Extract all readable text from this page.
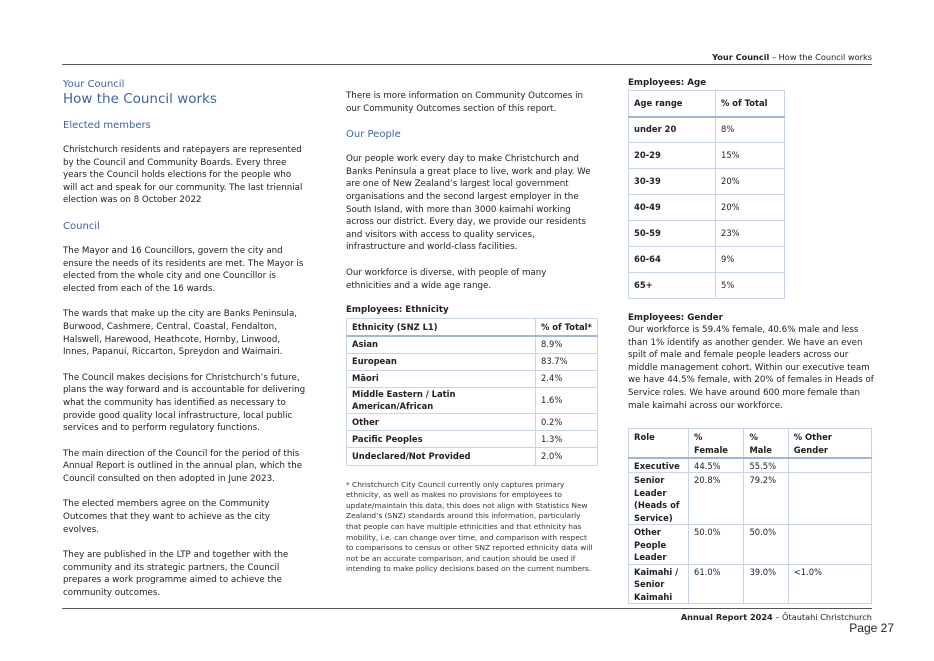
Your Council – How the Council works
Your Council
How the Council works
Elected members
Christchurch residents and ratepayers are represented by the Council and Community Boards. Every three years the Council holds elections for the people who will act and speak for our community. The last triennial election was on 8 October 2022
Council
The Mayor and 16 Councillors, govern the city and ensure the needs of its residents are met. The Mayor is elected from the whole city and one Councillor is elected from each of the 16 wards.
The wards that make up the city are Banks Peninsula, Burwood, Cashmere, Central, Coastal, Fendalton, Halswell, Harewood, Heathcote, Hornby, Linwood, Innes, Papanui, Riccarton, Spreydon and Waimairi.
The Council makes decisions for Christchurch’s future, plans the way forward and is accountable for delivering what the community has identified as necessary to provide good quality local infrastructure, local public services and to perform regulatory functions.
The main direction of the Council for the period of this Annual Report is outlined in the annual plan, which the Council consulted on then adopted in June 2023.
The elected members agree on the Community Outcomes that they want to achieve as the city evolves.
They are published in the LTP and together with the community and its strategic partners, the Council prepares a work programme aimed to achieve the community outcomes.
There is more information on Community Outcomes in our Community Outcomes section of this report.
Our People
Our people work every day to make Christchurch and Banks Peninsula a great place to live, work and play. We are one of New Zealand’s largest local government organisations and the second largest employer in the South Island, with more than 3000 kaimahi working across our district. Every day, we provide our residents and visitors with access to quality services, infrastructure and world-class facilities.
Our workforce is diverse, with people of many ethnicities and a wide age range.
Employees: Ethnicity
Ethnicity (SNZ L1)	% of Total*
Asian	8.9%
European	83.7%
Māori	2.4%
Middle Eastern / Latin American/African	1.6%
Other	0.2%
Pacific Peoples	1.3%
Undeclared/Not Provided	2.0%
* Christchurch City Council currently only captures primary ethnicity, as well as makes no provisions for employees to update/maintain this data, this does not align with Statistics New Zealand’s (SNZ) standards around this information, particularly that people can have multiple ethnicities and that ethnicity has mobility, i.e. can change over time, and comparison with respect to comparisons to census or other SNZ reported ethnicity data will not be an accurate comparison, and caution should be used if intending to make policy decisions based on the current numbers.
Employees: Age
Age range	% of Total
under 20	8%
20-29	15%
30-39	20%
40-49	20%
50-59	23%
60-64	9%
65+	5%
Employees: Gender
Our workforce is 59.4% female, 40.6% male and less than 1% identify as another gender. We have an even spilt of male and female people leaders across our middle management cohort. Within our executive team we have 44.5% female, with 20% of females in Heads of Service roles. We have around 600 more female than male kaimahi across our workforce.
Role	% Female	% Male	% Other Gender
Executive	44.5%	55.5%	
Senior Leader (Heads of Service)	20.8%	79.2%	
Other People Leader	50.0%	50.0%	
Kaimahi / Senior Kaimahi	61.0%	39.0%	<1.0%
Annual Report 2024 – Ōtautahi Christchurch
Page 27
